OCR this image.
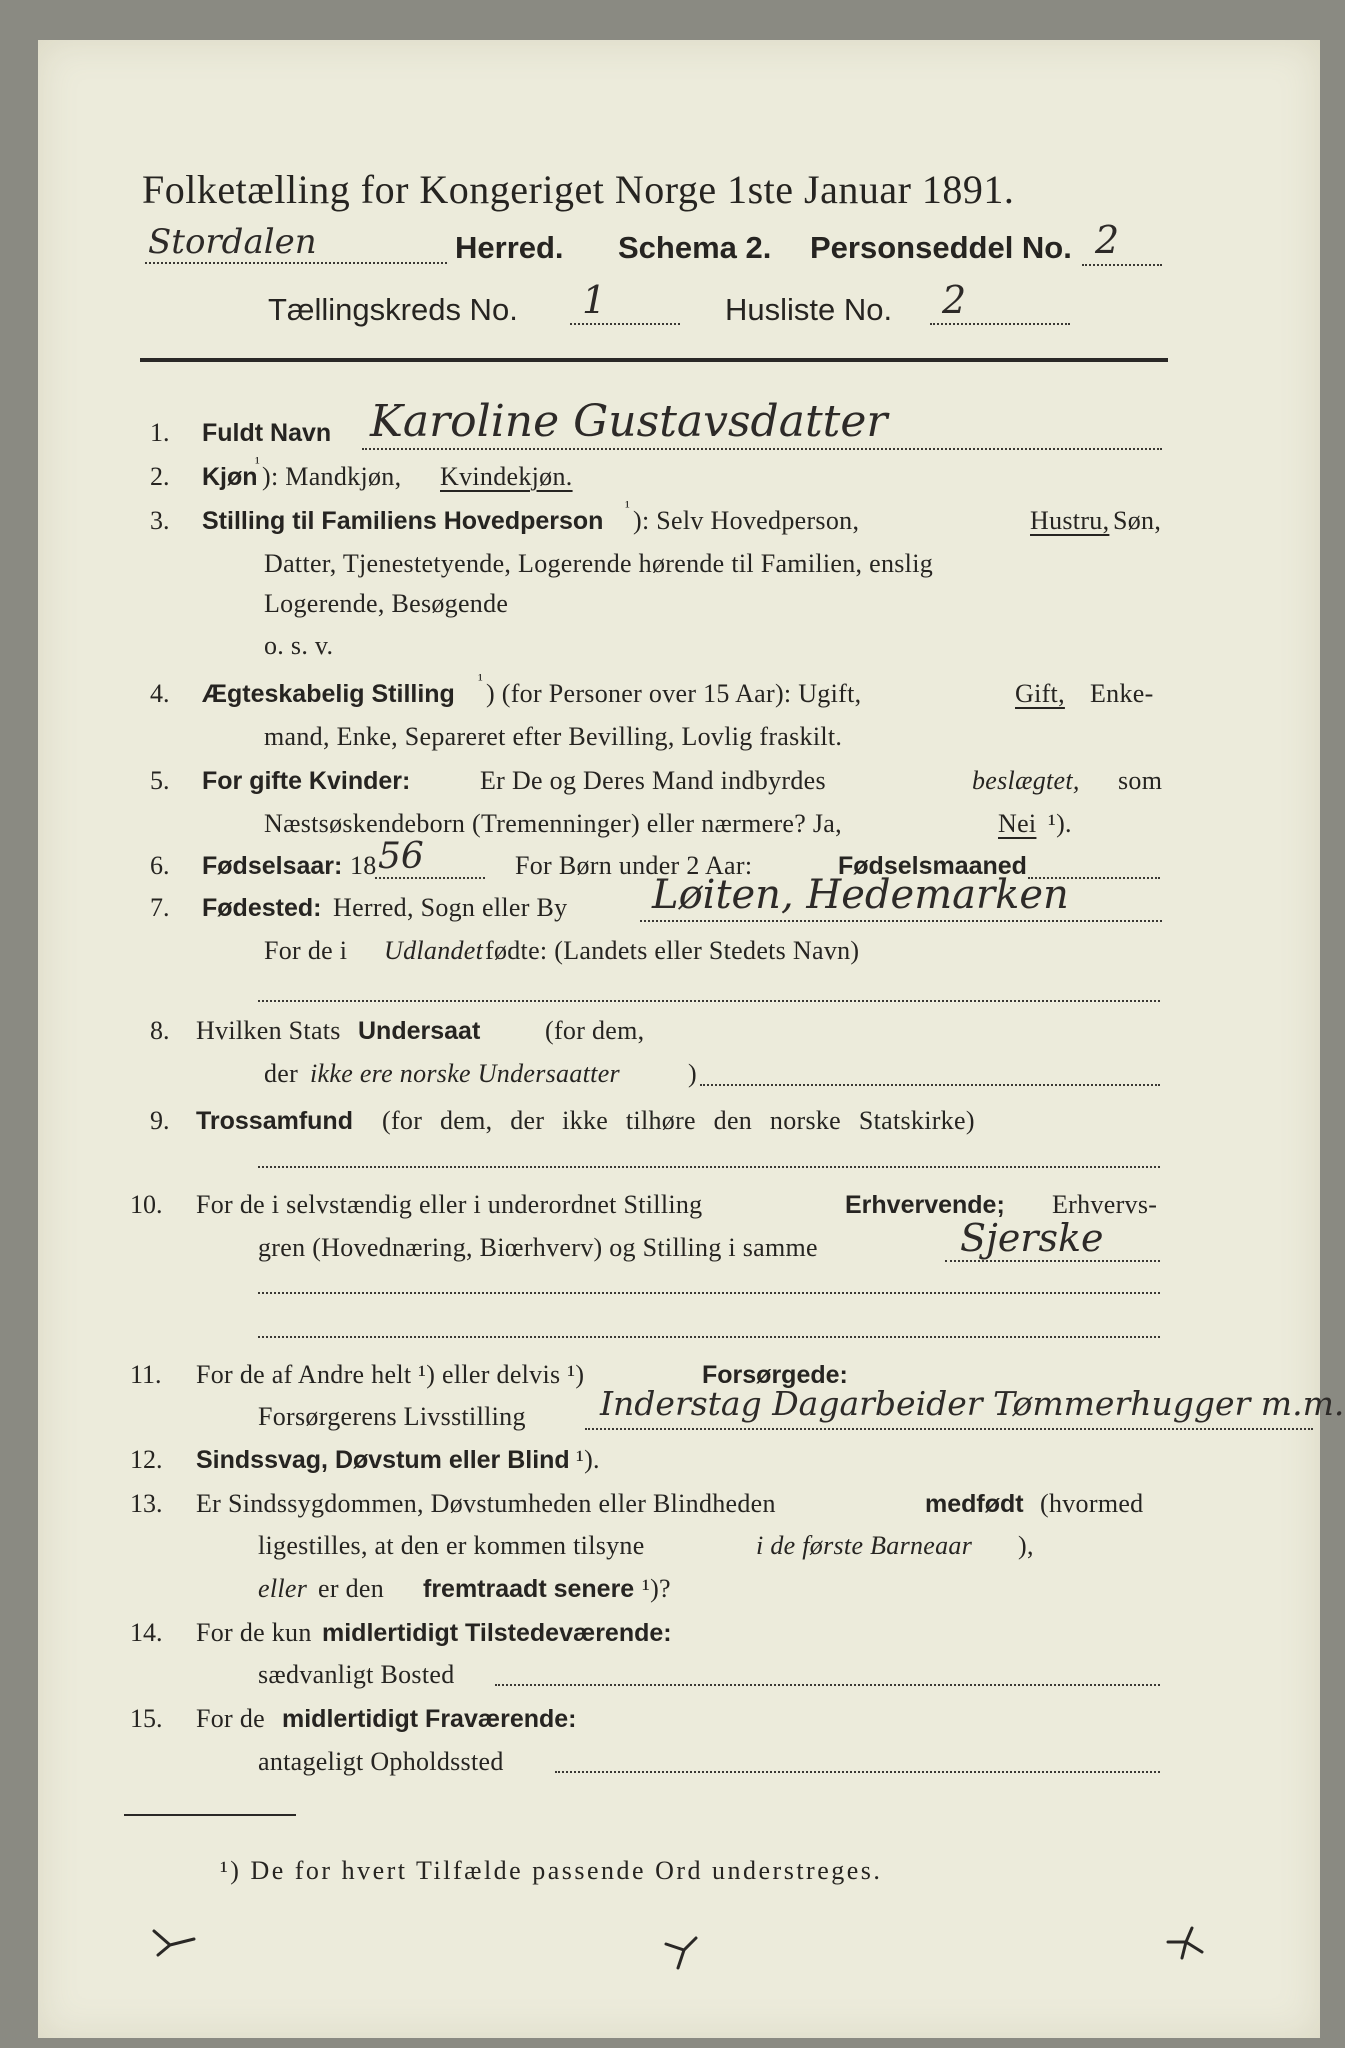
Folketælling for Kongeriget Norge 1ste Januar 1891.
Stordalen	Herred. Schema 2. Personseddel No. 2
Tællingskreds No. 1	Husliste No. 2
1. Fuldt Navn Karoline Gustavsdatter
2. Kjøn
¹ ): Mandkjøn, Kvindekjøn.
3. Stilling til Familiens Hovedperson ¹ ): Selv Hovedperson,	Hustru, Søn,
Datter, Tjenestetyende, Logerende hørende til Familien, enslig
Logerende, Besøgende
o. s. v.
4. Ægteskabelig Stilling ¹ ) (for Personer over 15 Aar): Ugift,	Gift, Enke-
mand, Enke, Separeret efter Bevilling, Lovlig fraskilt.
5. For gifte Kvinder:	Er De og Deres Mand indbyrdes	beslægtet, som
Næstsøskendeborn (Tremenninger) eller nærmere? Ja,	Nei ¹).
6. Fødselsaar: 18 56	For Børn under 2 Aar:	Fødselsmaaned
7. Fødested: Herred, Sogn eller By Løiten, Hedemarken
For de i Udlandet fødte: (Landets eller Stedets Navn)
8. Hvilken Stats Undersaat (for dem,
der ikke ere norske Undersaatter	)
9. Trossamfund (for dem, der ikke tilhøre den norske Statskirke)
10. For de i selvstændig eller i underordnet Stilling	Erhvervende; Erhvervs-
gren (Hovednæring, Biœrhverv) og Stilling i samme	Sjerske
11. For de af Andre helt ¹) eller delvis ¹)	Forsørgede:
Forsørgerens Livsstilling Inderstag Dagarbeider Tømmerhugger m.m.
12. Sindssvag, Døvstum eller Blind ¹).
13. Er Sindssygdommen, Døvstumheden eller Blindheden	medfødt (hvormed
ligestilles, at den er kommen tilsyne	i de første Barneaar ),
eller er den fremtraadt senere ¹)?
14. For de kun midlertidigt Tilstedeværende:
sædvanligt Bosted
15. For de midlertidigt Fraværende:
antageligt Opholdssted
¹) De for hvert Tilfælde passende Ord understreges.
